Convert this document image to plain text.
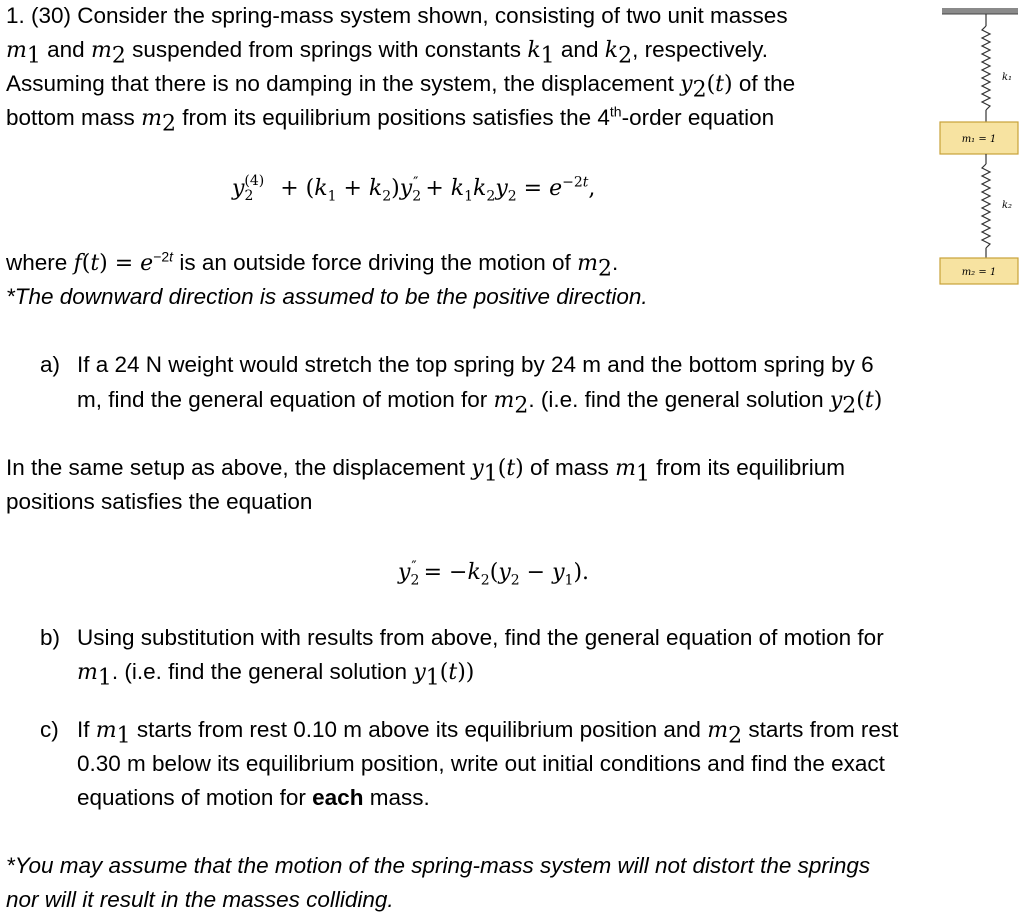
1. (30) Consider the spring-mass system shown, consisting of two unit masses
$m_1$ and $m_2$ suspended from springs with constants $k_1$ and $k_2$, respectively.
Assuming that there is no damping in the system, the displacement $y_2(t)$ of the
bottom mass $m_2$ from its equilibrium positions satisfies the 4th-order equation
$y_2^{(4)} + (k_1 + k_2)y_2'' + k_1k_2y_2 = e^{-2t}$,
where $f(t) = e^{-2t}$ is an outside force driving the motion of $m_2$.
*The downward direction is assumed to be the positive direction.
a) If a 24 N weight would stretch the top spring by 24 m and the bottom spring by 6
m, find the general equation of motion for $m_2$. (i.e. find the general solution $y_2(t)$
In the same setup as above, the displacement $y_1(t)$ of mass $m_1$ from its equilibrium
positions satisfies the equation
$y_2'' = -k_2(y_2 - y_1)$.
b) Using substitution with results from above, find the general equation of motion for
$m_1$. (i.e. find the general solution $y_1(t)$)
c) If $m_1$ starts from rest 0.10 m above its equilibrium position and $m_2$ starts from rest
0.30 m below its equilibrium position, write out initial conditions and find the exact
equations of motion for each mass.
*You may assume that the motion of the spring-mass system will not distort the springs
nor will it result in the masses colliding.
k₁
m₁ = 1
k₂
m₂ = 1
